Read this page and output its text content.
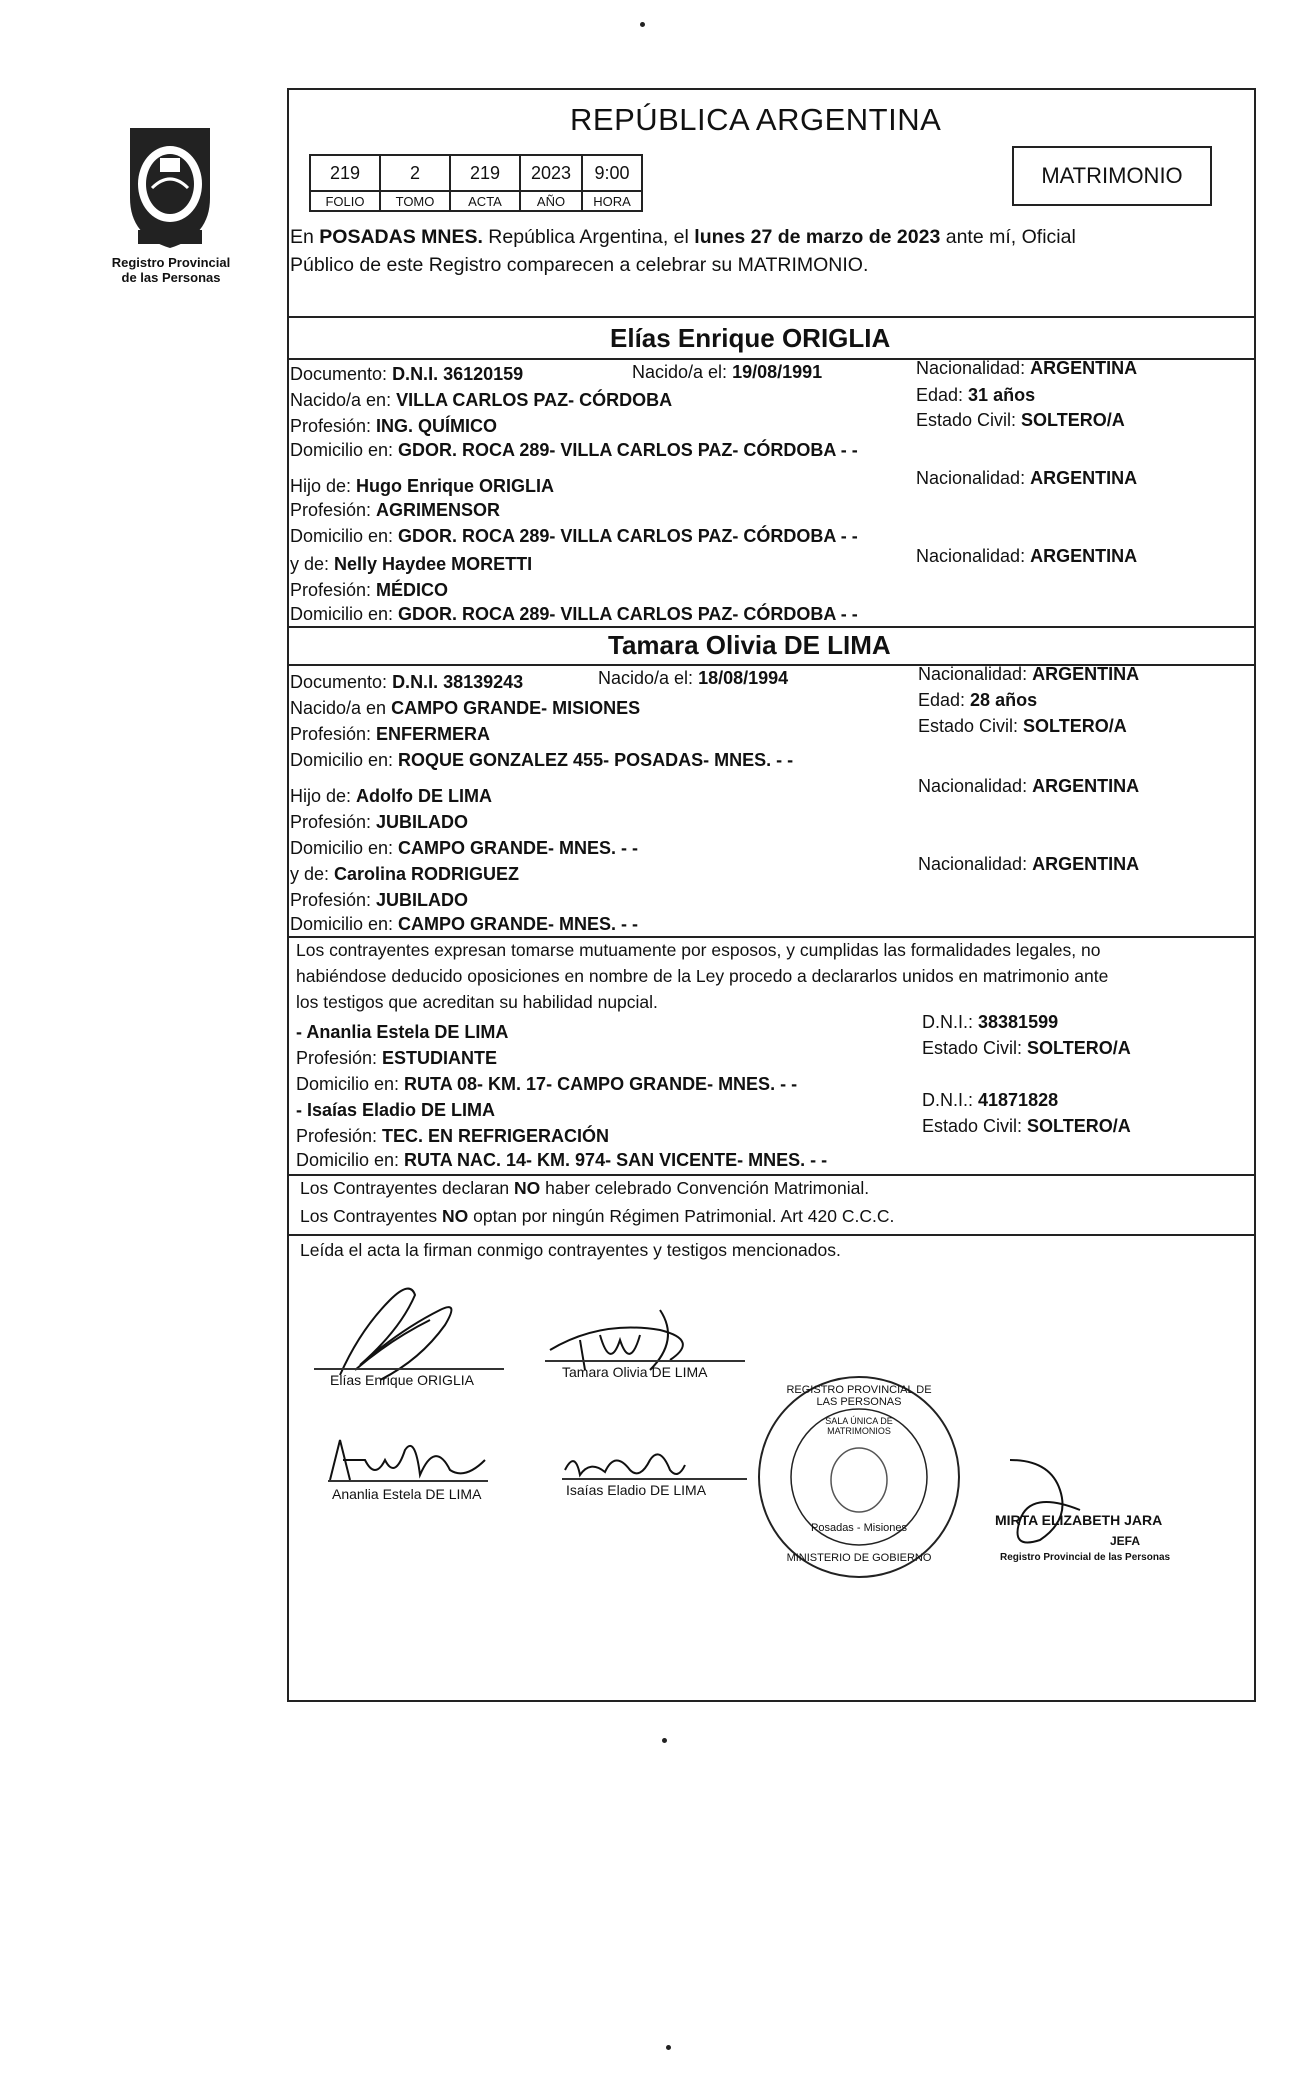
Registro Provincial
de las Personas
REPÚBLICA ARGENTINA
219	2	219	2023	9:00
FOLIO	TOMO	ACTA	AÑO	HORA
MATRIMONIO
En POSADAS MNES. República Argentina, el lunes 27 de marzo de 2023 ante mí, Oficial
Público de este Registro comparecen a celebrar su MATRIMONIO.
Elías Enrique ORIGLIA
Documento: D.N.I. 36120159	Nacido/a el: 19/08/1991	Nacionalidad: ARGENTINA
Nacido/a en: VILLA CARLOS PAZ- CÓRDOBA	Edad: 31 años
Profesión: ING. QUÍMICO	Estado Civil: SOLTERO/A
Domicilio en: GDOR. ROCA 289- VILLA CARLOS PAZ- CÓRDOBA - -
Hijo de: Hugo Enrique ORIGLIA	Nacionalidad: ARGENTINA
Profesión: AGRIMENSOR
Domicilio en: GDOR. ROCA 289- VILLA CARLOS PAZ- CÓRDOBA - -
y de: Nelly Haydee MORETTI	Nacionalidad: ARGENTINA
Profesión: MÉDICO
Domicilio en: GDOR. ROCA 289- VILLA CARLOS PAZ- CÓRDOBA - -
Tamara Olivia DE LIMA
Documento: D.N.I. 38139243	Nacido/a el: 18/08/1994	Nacionalidad: ARGENTINA
Nacido/a en CAMPO GRANDE- MISIONES	Edad: 28 años
Profesión: ENFERMERA	Estado Civil: SOLTERO/A
Domicilio en: ROQUE GONZALEZ 455- POSADAS- MNES. - -
Hijo de: Adolfo DE LIMA	Nacionalidad: ARGENTINA
Profesión: JUBILADO
Domicilio en: CAMPO GRANDE- MNES. - -
y de: Carolina RODRIGUEZ	Nacionalidad: ARGENTINA
Profesión: JUBILADO
Domicilio en: CAMPO GRANDE- MNES. - -
Los contrayentes expresan tomarse mutuamente por esposos, y cumplidas las formalidades legales, no
habiéndose deducido oposiciones en nombre de la Ley procedo a declararlos unidos en matrimonio ante
los testigos que acreditan su habilidad nupcial.
- Ananlia Estela DE LIMA	D.N.I.: 38381599
Profesión: ESTUDIANTE	Estado Civil: SOLTERO/A
Domicilio en: RUTA 08- KM. 17- CAMPO GRANDE- MNES. - -
- Isaías Eladio DE LIMA	D.N.I.: 41871828
Profesión: TEC. EN REFRIGERACIÓN	Estado Civil: SOLTERO/A
Domicilio en: RUTA NAC. 14- KM. 974- SAN VICENTE- MNES. - -
Los Contrayentes declaran NO haber celebrado Convención Matrimonial.
Los Contrayentes NO optan por ningún Régimen Patrimonial. Art 420 C.C.C.
Leída el acta la firman conmigo contrayentes y testigos mencionados.
Elías Enrique ORIGLIA	Tamara Olivia DE LIMA
Ananlia Estela DE LIMA	Isaías Eladio DE LIMA
REGISTRO PROVINCIAL DE LAS PERSONAS
SALA ÚNICA DE MATRIMONIOS
Posadas - Misiones
MINISTERIO DE GOBIERNO
MIRTA ELIZABETH JARA
JEFA
Registro Provincial de las Personas
